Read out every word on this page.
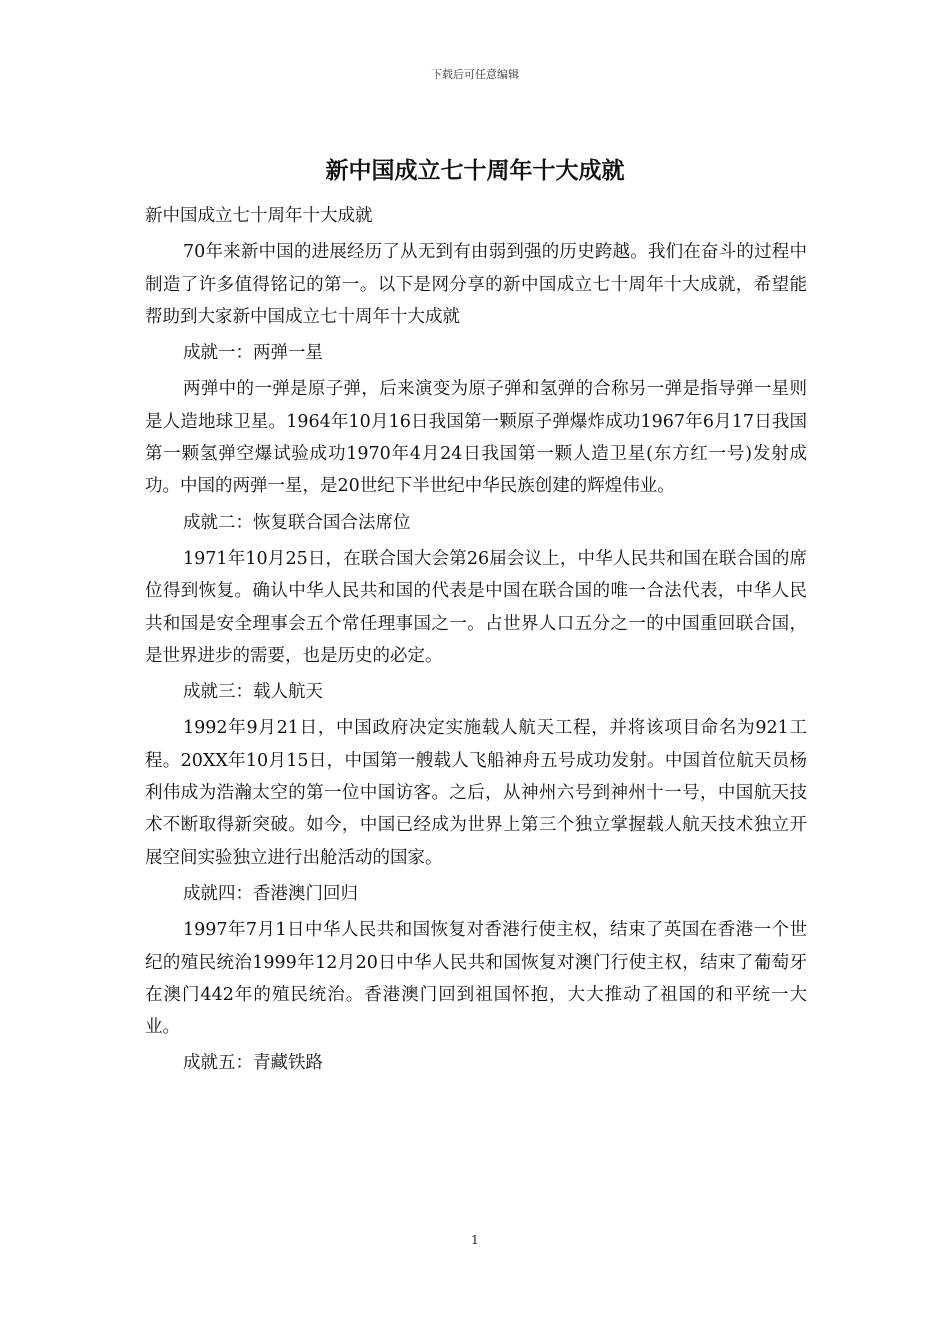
下载后可任意编辑
新中国成立七十周年十大成就

新中国成立七十周年十大成就

70年来新中国的进展经历了从无到有由弱到强的历史跨越。我们在奋斗的过程中制造了许多值得铭记的第一。以下是网分享的新中国成立七十周年十大成就，希望能帮助到大家新中国成立七十周年十大成就

成就一：两弹一星

两弹中的一弹是原子弹，后来演变为原子弹和氢弹的合称另一弹是指导弹一星则是人造地球卫星。1964年10月16日我国第一颗原子弹爆炸成功1967年6月17日我国第一颗氢弹空爆试验成功1970年4月24日我国第一颗人造卫星(东方红一号)发射成功。中国的两弹一星，是20世纪下半世纪中华民族创建的辉煌伟业。

成就二：恢复联合国合法席位

1971年10月25日，在联合国大会第26届会议上，中华人民共和国在联合国的席位得到恢复。确认中华人民共和国的代表是中国在联合国的唯一合法代表，中华人民共和国是安全理事会五个常任理事国之一。占世界人口五分之一的中国重回联合国，是世界进步的需要，也是历史的必定。

成就三：载人航天

1992年9月21日，中国政府决定实施载人航天工程，并将该项目命名为921工程。20XX年10月15日，中国第一艘载人飞船神舟五号成功发射。中国首位航天员杨利伟成为浩瀚太空的第一位中国访客。之后，从神州六号到神州十一号，中国航天技术不断取得新突破。如今，中国已经成为世界上第三个独立掌握载人航天技术独立开展空间实验独立进行出舱活动的国家。

成就四：香港澳门回归

1997年7月1日中华人民共和国恢复对香港行使主权，结束了英国在香港一个世纪的殖民统治1999年12月20日中华人民共和国恢复对澳门行使主权，结束了葡萄牙在澳门442年的殖民统治。香港澳门回到祖国怀抱，大大推动了祖国的和平统一大业。

成就五：青藏铁路

1
